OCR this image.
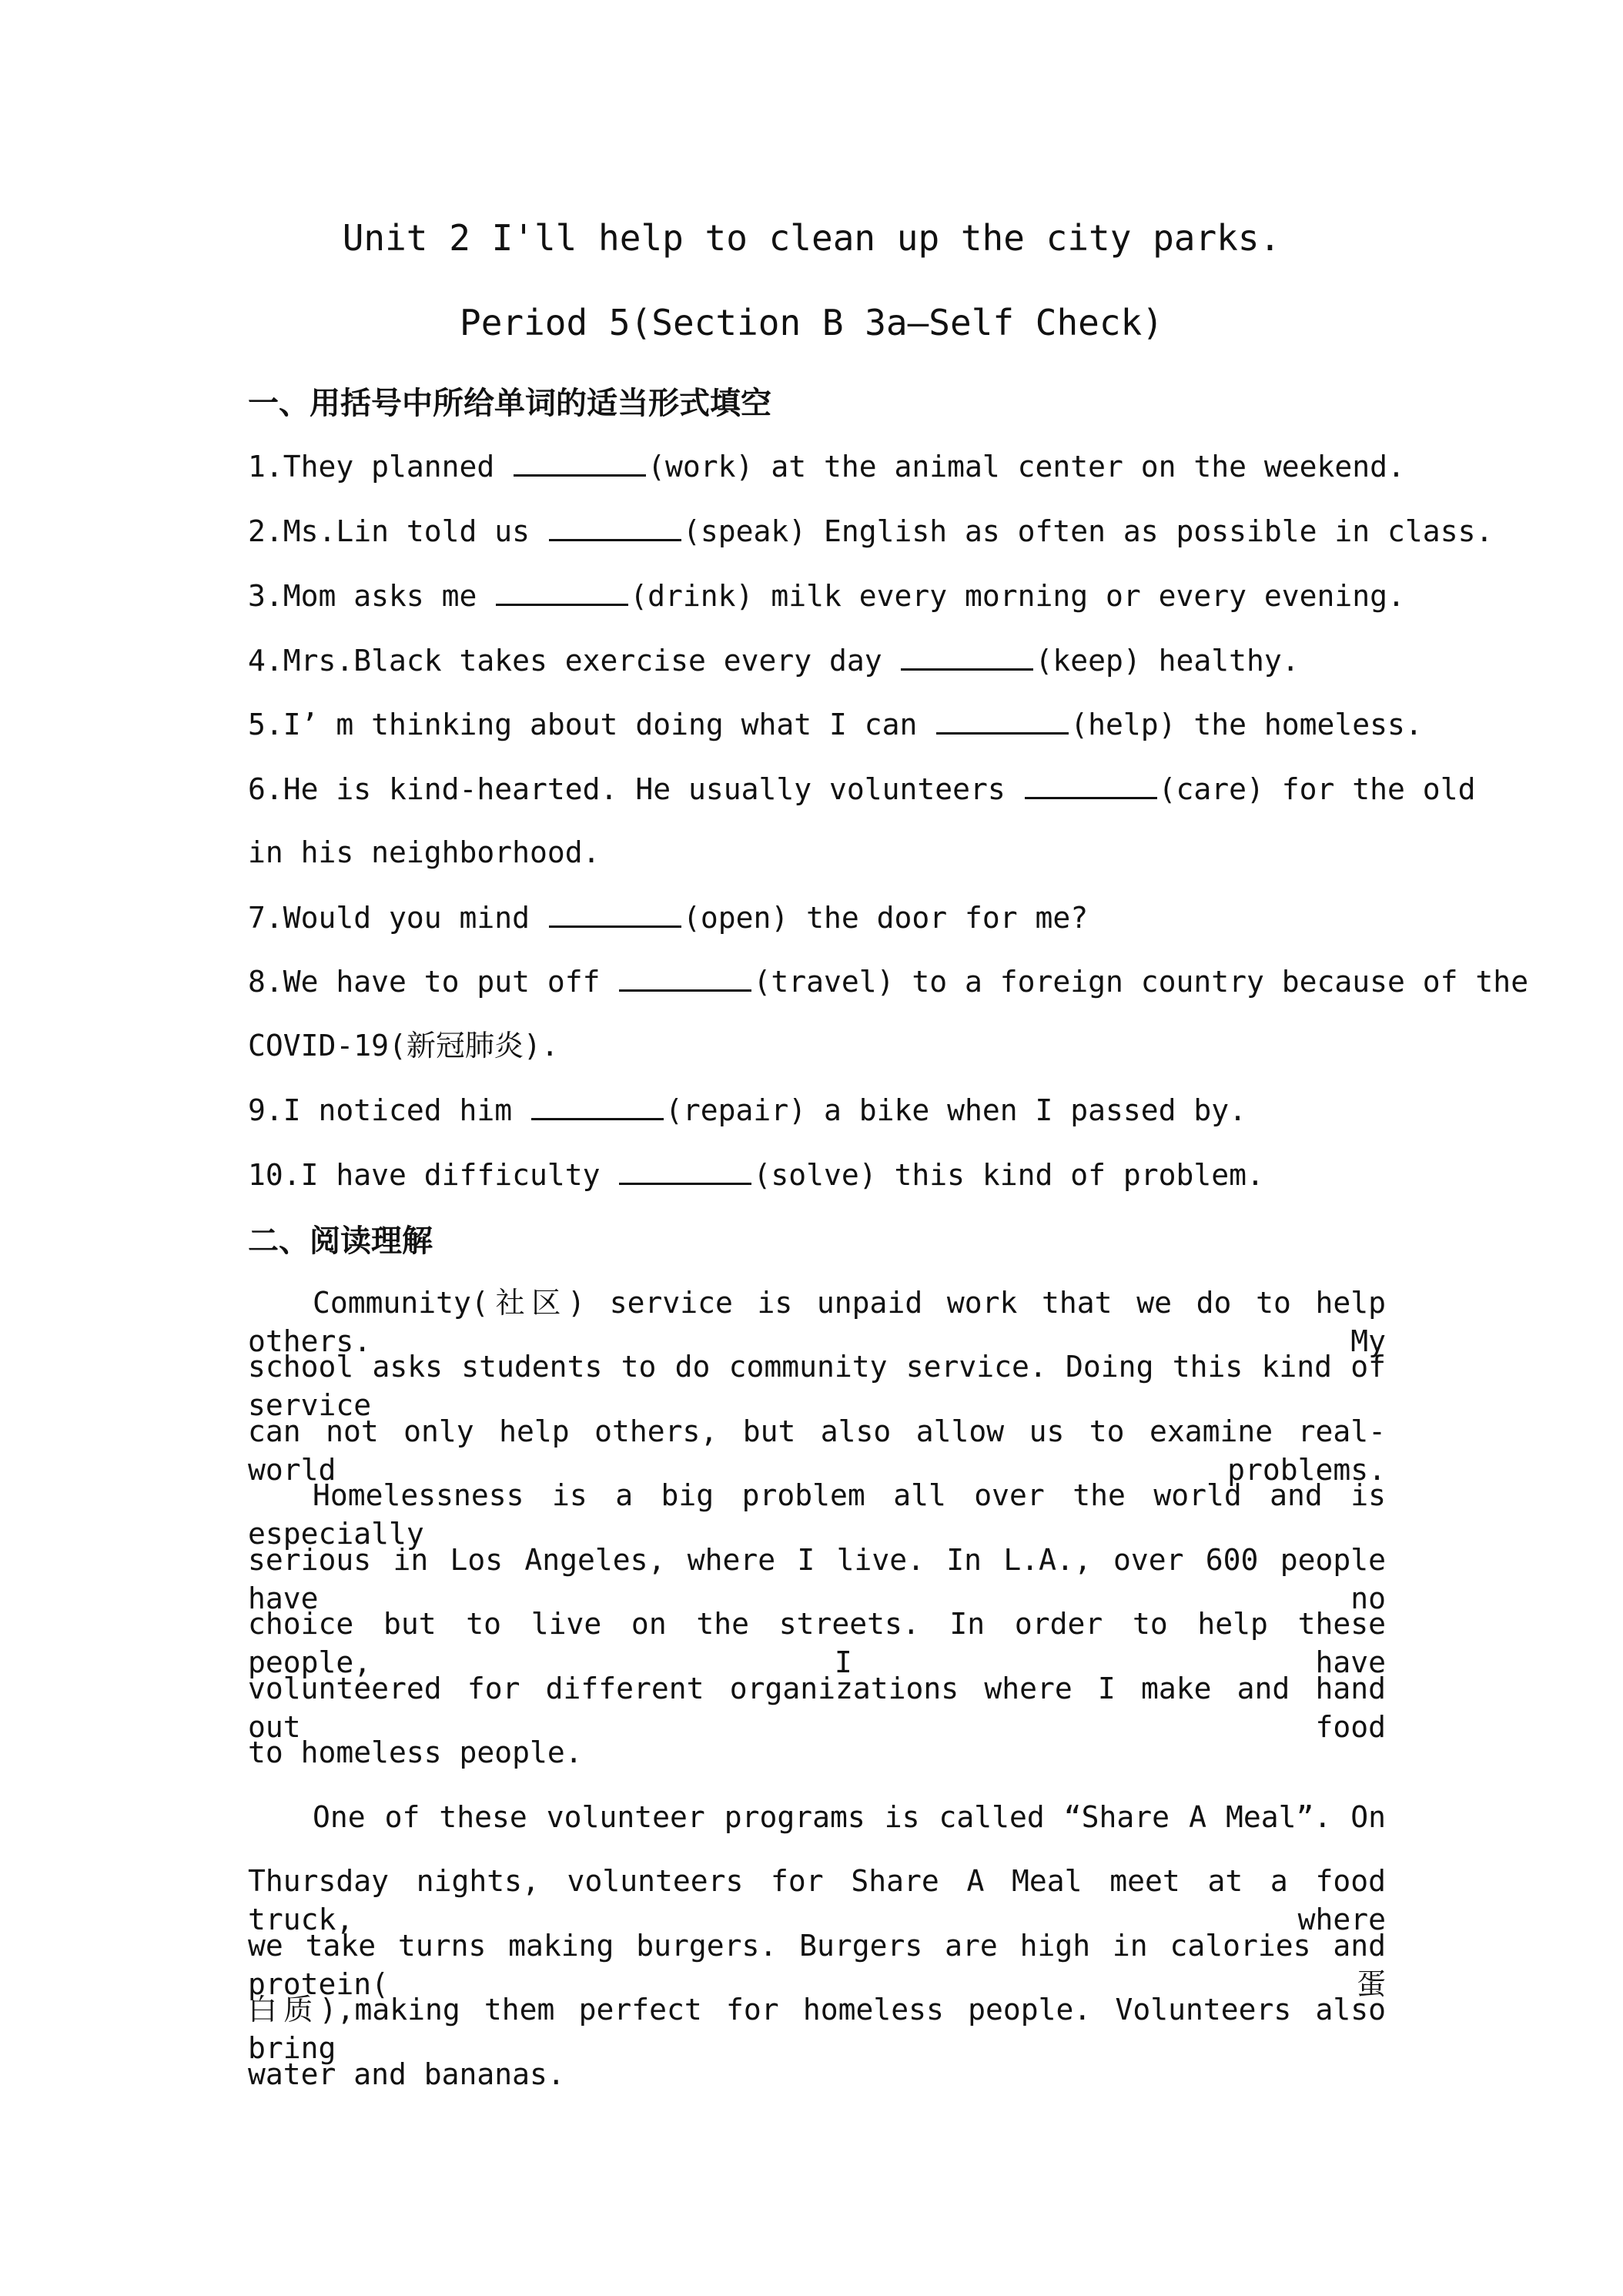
Unit 2 I'll help to clean up the city parks.
Period 5(Section B 3a—Self Check)
一、用括号中所给单词的适当形式填空
1.They planned	(work) at the animal center on the weekend.
2.Ms.Lin told us	(speak) English as often as possible in class.
3.Mom asks me	(drink) milk every morning or every evening.
4.Mrs.Black takes exercise every day	(keep) healthy.
5.I’ m thinking about doing what I can	(help) the homeless.
6.He is kind-hearted. He usually volunteers	(care) for the old
in his neighborhood.
7.Would you mind	(open) the door for me?
8.We have to put off	(travel) to a foreign country because of the
COVID-19(新冠肺炎).
9.I noticed him	(repair) a bike when I passed by.
10.I have difficulty	(solve) this kind of problem.
二、阅读理解
Community(社区) service is unpaid work that we do to help others. My
school asks students to do community service. Doing this kind of service
can not only help others, but also allow us to examine real-world problems.
Homelessness is a big problem all over the world and is especially
serious in Los Angeles, where I live. In L.A., over 600 people have no
choice but to live on the streets. In order to help these people, I have
volunteered for different organizations where I make and hand out food
to homeless people.
One of these volunteer programs is called “Share A Meal”. On
Thursday nights, volunteers for Share A Meal meet at a food truck, where
we take turns making burgers. Burgers are high in calories and protein(蛋
白质),making them perfect for homeless people. Volunteers also bring
water and bananas.
